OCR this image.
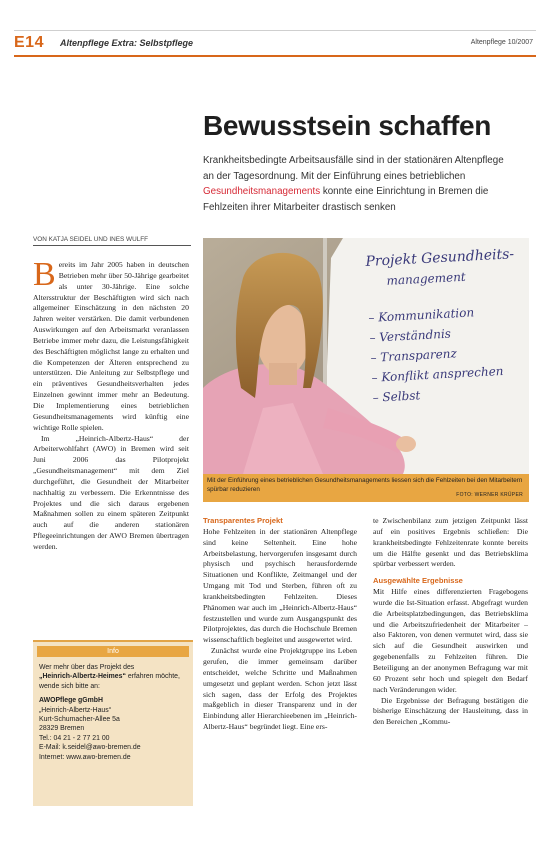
E14 Altenpflege Extra: Selbstpflege	Altenpflege 10/2007
Bewusstsein schaffen
Krankheitsbedingte Arbeitsausfälle sind in der stationären Altenpflege an der Tagesordnung. Mit der Einführung eines betrieblichen Gesundheitsmanagements konnte eine Einrichtung in Bremen die Fehlzeiten ihrer Mitarbeiter drastisch senken
VON KATJA SEIDEL UND INES WULFF

Bereits im Jahr 2005 haben in deutschen Betrieben mehr über 50-Jährige gearbeitet als unter 30-Jährige. Eine solche Altersstruktur der Beschäftigten wird sich nach allgemeiner Einschätzung in den nächsten 20 Jahren weiter verstärken. Die damit verbundenen Auswirkungen auf den Arbeitsmarkt veranlassen Betriebe immer mehr dazu, die Leistungsfähigkeit des Beschäftigten möglichst lange zu erhalten und die Kompetenzen der Älteren entsprechend zu unterstützen. Die Anleitung zur Selbstpflege und ein präventives Gesundheitsverhalten jedes Einzelnen gewinnt immer mehr an Bedeutung. Die Implementierung eines betrieblichen Gesundheitsmanagements wird künftig eine wichtige Rolle spielen.

Im „Heinrich-Albertz-Haus“ der Arbeiterwohlfahrt (AWO) in Bremen wird seit Juni 2006 das Pilotprojekt „Gesundheitsmanagement“ mit dem Ziel durchgeführt, die Gesundheit der Mitarbeiter nachhaltig zu verbessern. Die Erkenntnisse des Projektes und die sich daraus ergebenen Maßnahmen sollen zu einem späteren Zeitpunkt auch auf die anderen stationären Pflegeeinrichtungen der AWO Bremen übertragen werden.

Info
Wer mehr über das Projekt des
„Heinrich-Albertz-Heimes“ erfahren möchte, wende sich bitte an:
AWOPflege gGmbH
„Heinrich-Albertz-Haus“
Kurt-Schumacher-Allee 5a
28329 Bremen
Tel.: 04 21 - 2 77 21 00
E-Mail: k.seidel@awo-bremen.de
Internet: www.awo-bremen.de
Projekt Gesundheits-
management
– Kommunikation
– Verständnis
– Transparenz
– Konflikt ansprechen
– Selbst
Mit der Einführung eines betrieblichen Gesundheitsmanagements liessen sich die Fehlzeiten bei den Mitarbeitern spürbar reduzieren
FOTO: WERNER KRÜPER

Transparentes Projekt

Hohe Fehlzeiten in der stationären Altenpflege sind keine Seltenheit. Eine hohe Arbeitsbelastung, hervorgerufen insgesamt durch physisch und psychisch herausfordernde Situationen und Konflikte, Zeitmangel und der Umgang mit Tod und Sterben, führen oft zu krankheitsbedingten Fehlzeiten. Dieses Phänomen war auch im „Heinrich-Albertz-Haus“ festzustellen und wurde zum Ausgangspunkt des Pilotprojektes, das durch die Hochschule Bremen wissenschaftlich begleitet und ausgewertet wird.

Zunächst wurde eine Projektgruppe ins Leben gerufen, die immer gemeinsam darüber entscheidet, welche Schritte und Maßnahmen umgesetzt und geplant werden. Schon jetzt lässt sich sagen, dass der Erfolg des Projektes maßgeblich in dieser Transparenz und in der Einbindung aller Hierarchieebenen im „Heinrich-Albertz-Haus“ begründet liegt. Eine ers-

te Zwischenbilanz zum jetzigen Zeitpunkt lässt auf ein positives Ergebnis schließen: Die krankheitsbedingte Fehlzeitenrate konnte bereits um die Hälfte gesenkt und das Betriebsklima spürbar verbessert werden.

Ausgewählte Ergebnisse

Mit Hilfe eines differenzierten Fragebogens wurde die Ist-Situation erfasst. Abgefragt wurden die Arbeitsplatzbedingungen, das Betriebsklima und die Arbeitszufriedenheit der Mitarbeiter – also Faktoren, von denen vermutet wird, dass sie sich auf die Gesundheit auswirken und gegebenenfalls zu Fehlzeiten führen. Die Beteiligung an der anonymen Befragung war mit 60 Prozent sehr hoch und spiegelt den Bedarf nach Veränderungen wider.

Die Ergebnisse der Befragung bestätigen die bisherige Einschätzung der Hausleitung, dass in den Bereichen „Kommu-
